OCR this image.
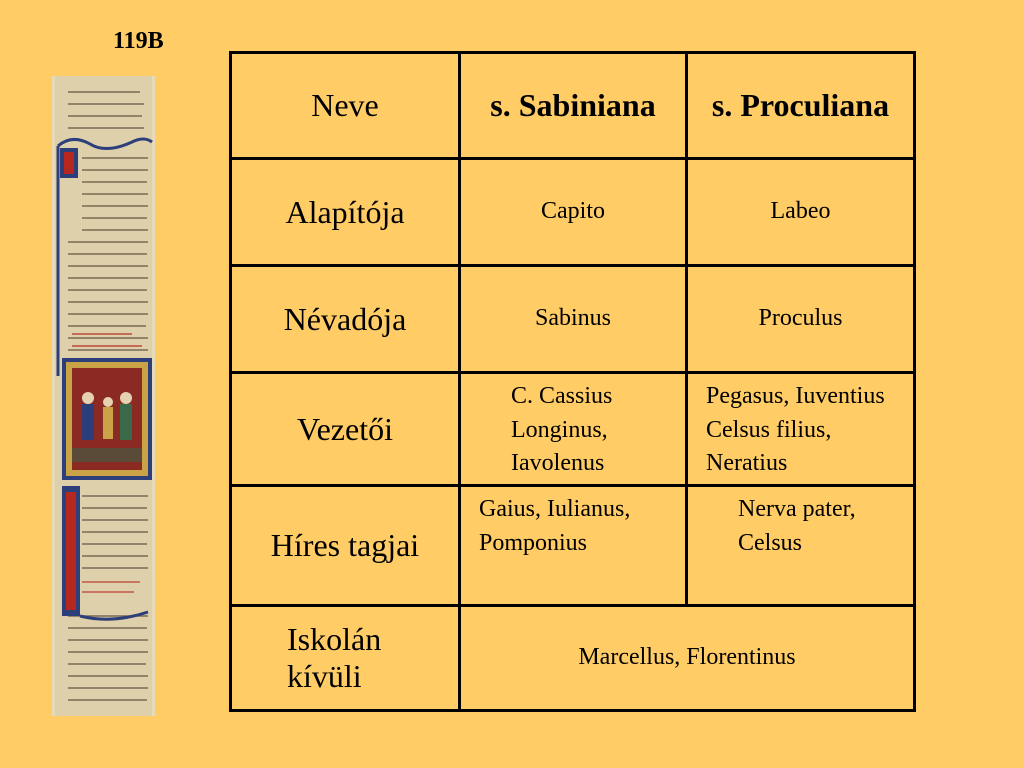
119B
Neve	s. Sabiniana	s. Proculiana
Alapítója	Capito	Labeo
Névadója	Sabinus	Proculus
Vezetői	C. Cassius Longinus, Iavolenus	Pegasus, Iuventius Celsus filius, Neratius
Híres tagjai	Gaius, Iulianus, Pomponius	Nerva pater, Celsus
Iskolán kívüli	Marcellus, Florentinus	
